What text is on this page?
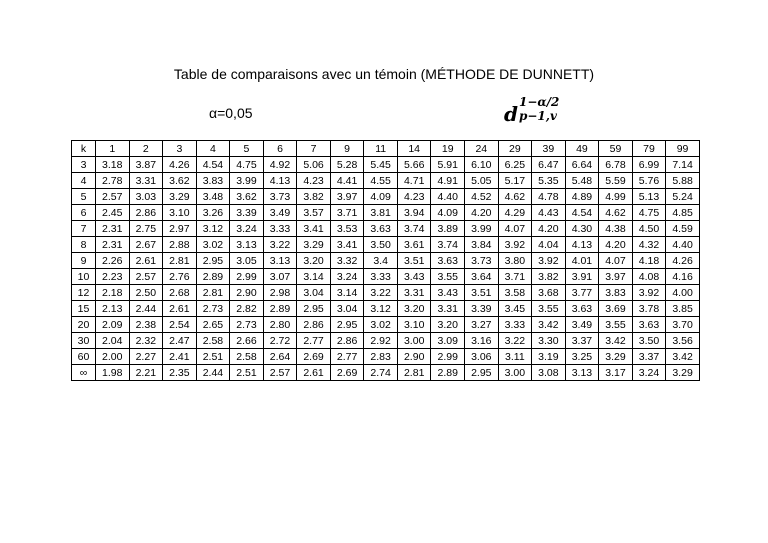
Table de comparaisons avec un témoin (MÉTHODE DE DUNNETT)
α=0,05	d 1−α/2
p−1,v
k	1	2	3	4	5	6	7	9	11	14	19	24	29	39	49	59	79	99
3	3.18	3.87	4.26	4.54	4.75	4.92	5.06	5.28	5.45	5.66	5.91	6.10	6.25	6.47	6.64	6.78	6.99	7.14
4	2.78	3.31	3.62	3.83	3.99	4.13	4.23	4.41	4.55	4.71	4.91	5.05	5.17	5.35	5.48	5.59	5.76	5.88
5	2.57	3.03	3.29	3.48	3.62	3.73	3.82	3.97	4.09	4.23	4.40	4.52	4.62	4.78	4.89	4.99	5.13	5.24
6	2.45	2.86	3.10	3.26	3.39	3.49	3.57	3.71	3.81	3.94	4.09	4.20	4.29	4.43	4.54	4.62	4.75	4.85
7	2.31	2.75	2.97	3.12	3.24	3.33	3.41	3.53	3.63	3.74	3.89	3.99	4.07	4.20	4.30	4.38	4.50	4.59
8	2.31	2.67	2.88	3.02	3.13	3.22	3.29	3.41	3.50	3.61	3.74	3.84	3.92	4.04	4.13	4.20	4.32	4.40
9	2.26	2.61	2.81	2.95	3.05	3.13	3.20	3.32	3.4	3.51	3.63	3.73	3.80	3.92	4.01	4.07	4.18	4.26
10	2.23	2.57	2.76	2.89	2.99	3.07	3.14	3.24	3.33	3.43	3.55	3.64	3.71	3.82	3.91	3.97	4.08	4.16
12	2.18	2.50	2.68	2.81	2.90	2.98	3.04	3.14	3.22	3.31	3.43	3.51	3.58	3.68	3.77	3.83	3.92	4.00
15	2.13	2.44	2.61	2.73	2.82	2.89	2.95	3.04	3.12	3.20	3.31	3.39	3.45	3.55	3.63	3.69	3.78	3.85
20	2.09	2.38	2.54	2.65	2.73	2.80	2.86	2.95	3.02	3.10	3.20	3.27	3.33	3.42	3.49	3.55	3.63	3.70
30	2.04	2.32	2.47	2.58	2.66	2.72	2.77	2.86	2.92	3.00	3.09	3.16	3.22	3.30	3.37	3.42	3.50	3.56
60	2.00	2.27	2.41	2.51	2.58	2.64	2.69	2.77	2.83	2.90	2.99	3.06	3.11	3.19	3.25	3.29	3.37	3.42
∞	1.98	2.21	2.35	2.44	2.51	2.57	2.61	2.69	2.74	2.81	2.89	2.95	3.00	3.08	3.13	3.17	3.24	3.29
